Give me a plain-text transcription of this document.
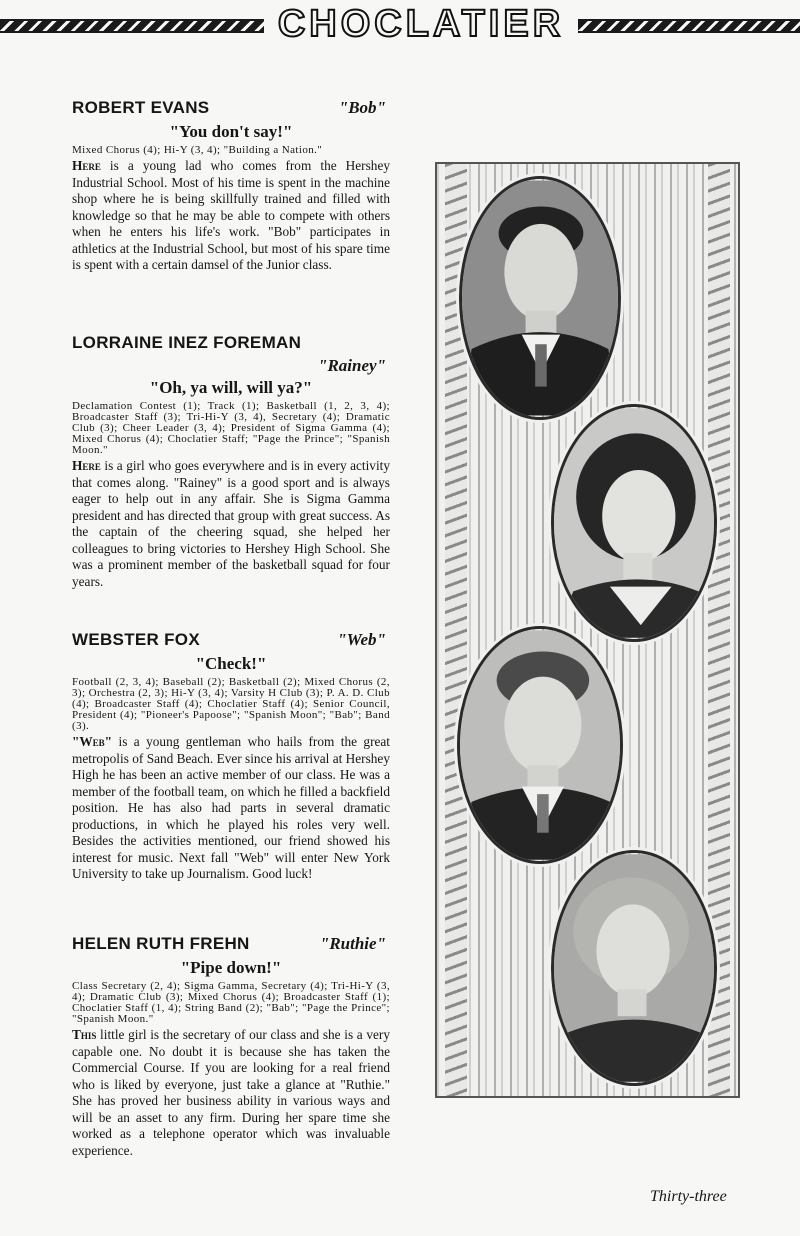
CHOCLATIER
ROBERT EVANS	"Bob"
"You don't say!"
Mixed Chorus (4); Hi-Y (3, 4); "Building a Nation."

Here is a young lad who comes from the Hershey Industrial School. Most of his time is spent in the machine shop where he is being skillfully trained and filled with knowledge so that he may be able to compete with others when he enters his life's work. "Bob" participates in athletics at the Industrial School, but most of his spare time is spent with a certain damsel of the Junior class.

LORRAINE INEZ FOREMAN
"Rainey"
"Oh, ya will, will ya?"
Declamation Contest (1); Track (1); Basketball (1, 2, 3, 4); Broadcaster Staff (3); Tri-Hi-Y (3, 4), Secretary (4); Dramatic Club (3); Cheer Leader (3, 4); President of Sigma Gamma (4); Mixed Chorus (4); Choclatier Staff; "Page the Prince"; "Spanish Moon."

Here is a girl who goes everywhere and is in every activity that comes along. "Rainey" is a good sport and is always eager to help out in any affair. She is Sigma Gamma president and has directed that group with great success. As the captain of the cheering squad, she helped her colleagues to bring victories to Hershey High School. She was a prominent member of the basketball squad for four years.

WEBSTER FOX	"Web"
"Check!"
Football (2, 3, 4); Baseball (2); Basketball (2); Mixed Chorus (2, 3); Orchestra (2, 3); Hi-Y (3, 4); Varsity H Club (3); P. A. D. Club (4); Broadcaster Staff (4); Choclatier Staff (4); Senior Council, President (4); "Pioneer's Papoose"; "Spanish Moon"; "Bab"; Band (3).

"Web" is a young gentleman who hails from the great metropolis of Sand Beach. Ever since his arrival at Hershey High he has been an active member of our class. He was a member of the football team, on which he filled a backfield position. He has also had parts in several dramatic productions, in which he played his roles very well. Besides the activities mentioned, our friend showed his interest for music. Next fall "Web" will enter New York University to take up Journalism. Good luck!

HELEN RUTH FREHN	"Ruthie"
"Pipe down!"
Class Secretary (2, 4); Sigma Gamma, Secretary (4); Tri-Hi-Y (3, 4); Dramatic Club (3); Mixed Chorus (4); Broadcaster Staff (1); Choclatier Staff (1, 4); String Band (2); "Bab"; "Page the Prince"; "Spanish Moon."

This little girl is the secretary of our class and she is a very capable one. No doubt it is because she has taken the Commercial Course. If you are looking for a real friend who is liked by everyone, just take a glance at "Ruthie." She has proved her business ability in various ways and will be an asset to any firm. During her spare time she worked as a telephone operator which was invaluable experience.

Thirty-three
